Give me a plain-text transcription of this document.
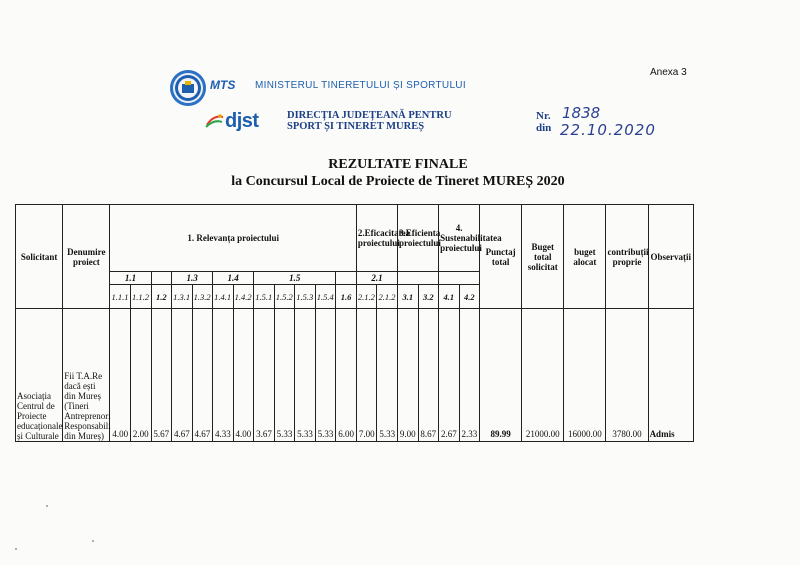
Anexa 3
MTS MINISTERUL TINERETULUI ȘI SPORTULUI
djst	DIRECȚIA JUDEȚEANĂ PENTRU
SPORT ȘI TINERET MUREȘ
Nr. 1838
din 22.10.2020
REZULTATE FINALE
la Concursul Local de Proiecte de Tineret MUREȘ 2020
Solicitant	Denumire proiect	1. Relevanța proiectului												2.Eficacitatea proiectului		3.Eficienta proiectului		4. Sustenabilitatea proiectului		Punctaj total	Buget total solicitat	buget alocat	contribuții proprie	Observații
		1.1			1.3		1.4		1.5					2.1										
		1.1.1	1.1.2	1.2	1.3.1	1.3.2	1.4.1	1.4.2	1.5.1	1.5.2	1.5.3	1.5.4	1.6	2.1.2	2.1.2	3.1	3.2	4.1	4.2					
Asociația Centrul de Proiecte educaționale și Culturale	Fii T.A.Re dacă ești din Mureș (Tineri Antreprenori Responsabili din Mureș)	4.00	2.00	5.67	4.67	4.67	4.33	4.00	3.67	5.33	5.33	5.33	6.00	7.00	5.33	9.00	8.67	2.67	2.33	89.99	21000.00	16000.00	3780.00	Admis
